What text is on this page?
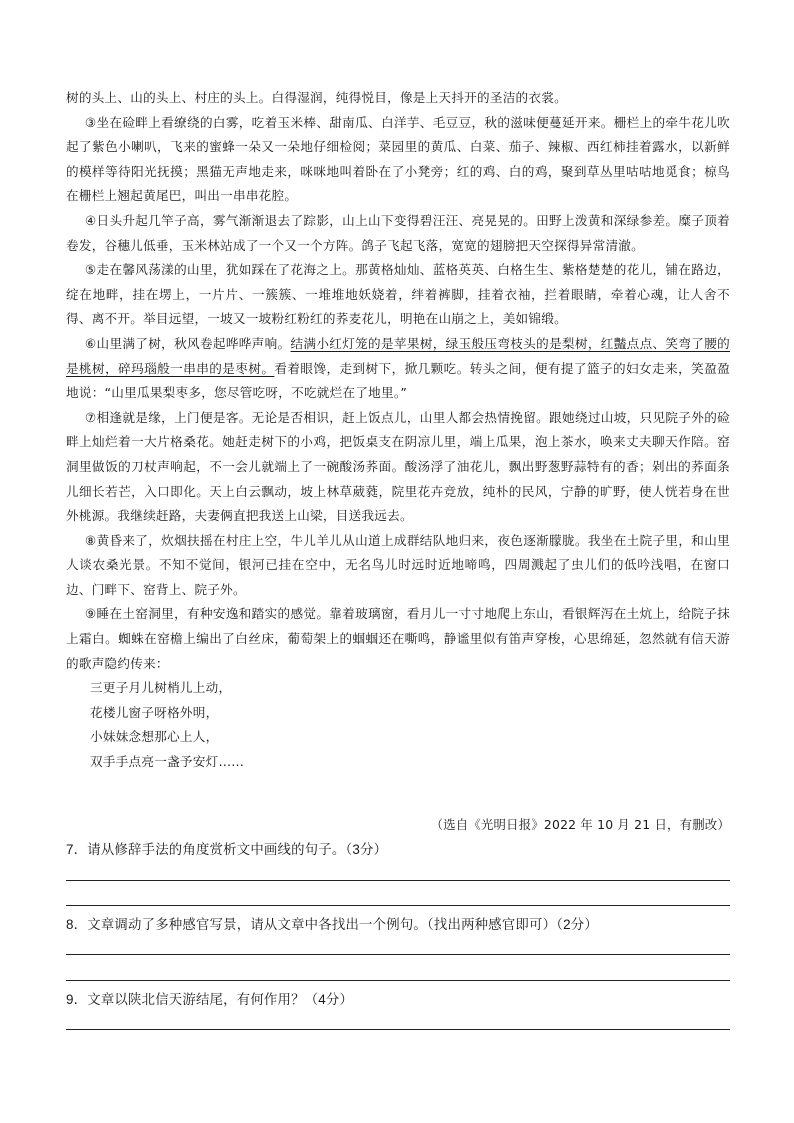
树的头上、山的头上、村庄的头上。白得湿润，纯得悦目，像是上天抖开的圣洁的衣裳。

③坐在硷畔上看缭绕的白雾，吃着玉米棒、甜南瓜、白洋芋、毛豆豆，秋的滋味便蔓延开来。栅栏上的牵牛花儿吹起了紫色小喇叭，飞来的蜜蜂一朵又一朵地仔细检阅；菜园里的黄瓜、白菜、茄子、辣椒、西红柿挂着露水，以新鲜的模样等待阳光抚摸；黑猫无声地走来，咪咪地叫着卧在了小凳旁；红的鸡、白的鸡，聚到草丛里咕咕地觅食；椋鸟在栅栏上翘起黄尾巴，叫出一串串花腔。

④日头升起几竿子高，雾气渐渐退去了踪影，山上山下变得碧汪汪、亮晃晃的。田野上泼黄和深绿参差。糜子顶着卷发，谷穗儿低垂，玉米林站成了一个又一个方阵。鸽子飞起飞落，宽宽的翅膀把天空探得异常清澈。

⑤走在馨风荡漾的山里，犹如踩在了花海之上。那黄格灿灿、蓝格英英、白格生生、紫格楚楚的花儿，铺在路边，绽在地畔，挂在塄上，一片片、一簇簇、一堆堆地妖娆着，绊着裤脚，挂着衣袖，拦着眼睛，牵着心魂，让人舍不得、离不开。举目远望，一坡又一坡粉红粉红的荞麦花儿，明艳在山崩之上，美如锦缎。

⑥山里满了树，秋风卷起哗哗声响。结满小红灯笼的是苹果树，绿玉般压弯枝头的是梨树，红豔点点、笑弯了腰的是桃树，碎玛瑙般一串串的是枣树。看着眼馋，走到树下，掀几颗吃。转头之间，便有提了篮子的妇女走来，笑盈盈地说：“山里瓜果梨枣多，您尽管吃呀，不吃就烂在了地里。”

⑦相逢就是缘，上门便是客。无论是否相识，赶上饭点儿，山里人都会热情挽留。跟她绕过山坡，只见院子外的硷畔上灿烂着一大片格桑花。她赶走树下的小鸡，把饭桌支在阴凉儿里，端上瓜果，泡上茶水，唤来丈夫聊天作陪。窑洞里做饭的刀杖声响起，不一会儿就端上了一碗酸汤荞面。酸汤浮了油花儿，飘出野葱野蒜特有的香；剁出的荞面条儿细长若芒，入口即化。天上白云飘动，坡上林草葳蕤，院里花卉竞放，纯朴的民风，宁静的旷野，使人恍若身在世外桃源。我继续赶路，夫妻俩直把我送上山梁，目送我远去。

⑧黄昏来了，炊烟扶摇在村庄上空，牛儿羊儿从山道上成群结队地归来，夜色逐渐朦胧。我坐在土院子里，和山里人谈农桑光景。不知不觉间，银河已挂在空中，无名鸟儿时远时近地啼鸣，四周溅起了虫儿们的低吟浅唱，在窗口边、门畔下、窑背上、院子外。

⑨睡在土窑洞里，有种安逸和踏实的感觉。靠着玻璃窗，看月儿一寸寸地爬上东山，看银辉泻在土炕上，给院子抹上霜白。蜘蛛在窑檐上编出了白丝床，葡萄架上的蝈蝈还在嘶鸣，静谧里似有笛声穿梭，心思绵延，忽然就有信天游的歌声隐约传来：

三更子月儿树梢儿上动，
花楼儿窗子呀格外明，
小妹妹念想那心上人，
双手手点亮一盏予安灯……
（选自《光明日报》2022 年 10 月 21 日，有删改）
7．请从修辞手法的角度赏析文中画线的句子。（3分）
8．文章调动了多种感官写景，请从文章中各找出一个例句。（找出两种感官即可）（2分）
9．文章以陕北信天游结尾，有何作用？（4分）
